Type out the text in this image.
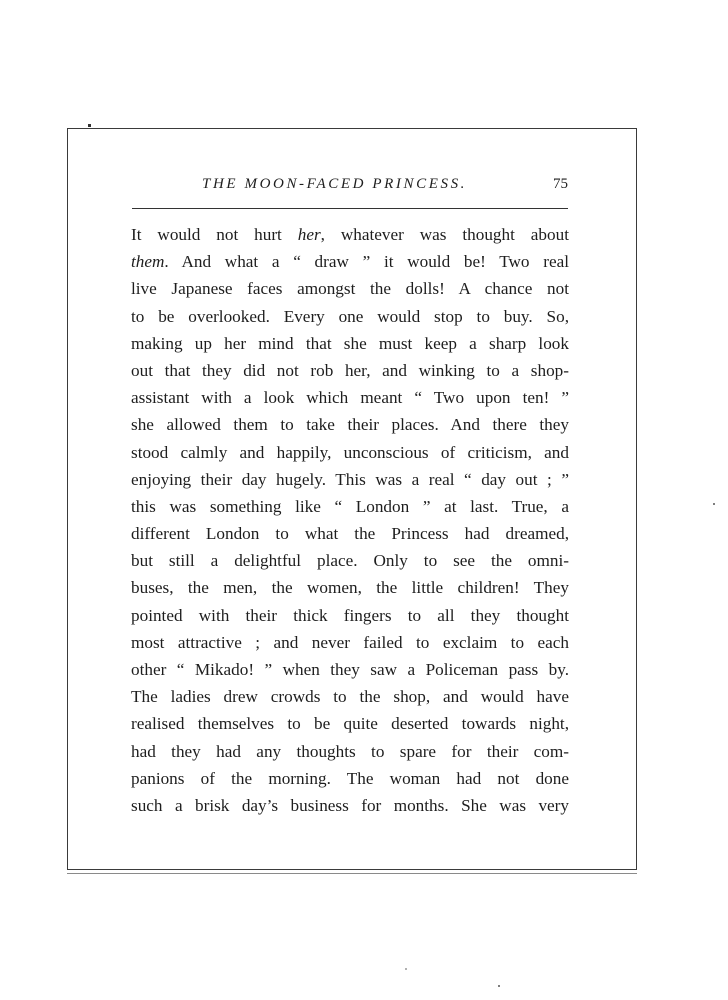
THE MOON-FACED PRINCESS.	75
It would not hurt her, whatever was thought about
them. And what a “ draw ” it would be! Two real
live Japanese faces amongst the dolls! A chance not
to be overlooked. Every one would stop to buy. So,
making up her mind that she must keep a sharp look
out that they did not rob her, and winking to a shop-
assistant with a look which meant “ Two upon ten! ”
she allowed them to take their places. And there they
stood calmly and happily, unconscious of criticism, and
enjoying their day hugely. This was a real “ day out ; ”
this was something like “ London ” at last. True, a
different London to what the Princess had dreamed,
but still a delightful place. Only to see the omni-
buses, the men, the women, the little children! They
pointed with their thick fingers to all they thought
most attractive ; and never failed to exclaim to each
other “ Mikado! ” when they saw a Policeman pass by.
The ladies drew crowds to the shop, and would have
realised themselves to be quite deserted towards night,
had they had any thoughts to spare for their com-
panions of the morning. The woman had not done
such a brisk day’s business for months. She was very
